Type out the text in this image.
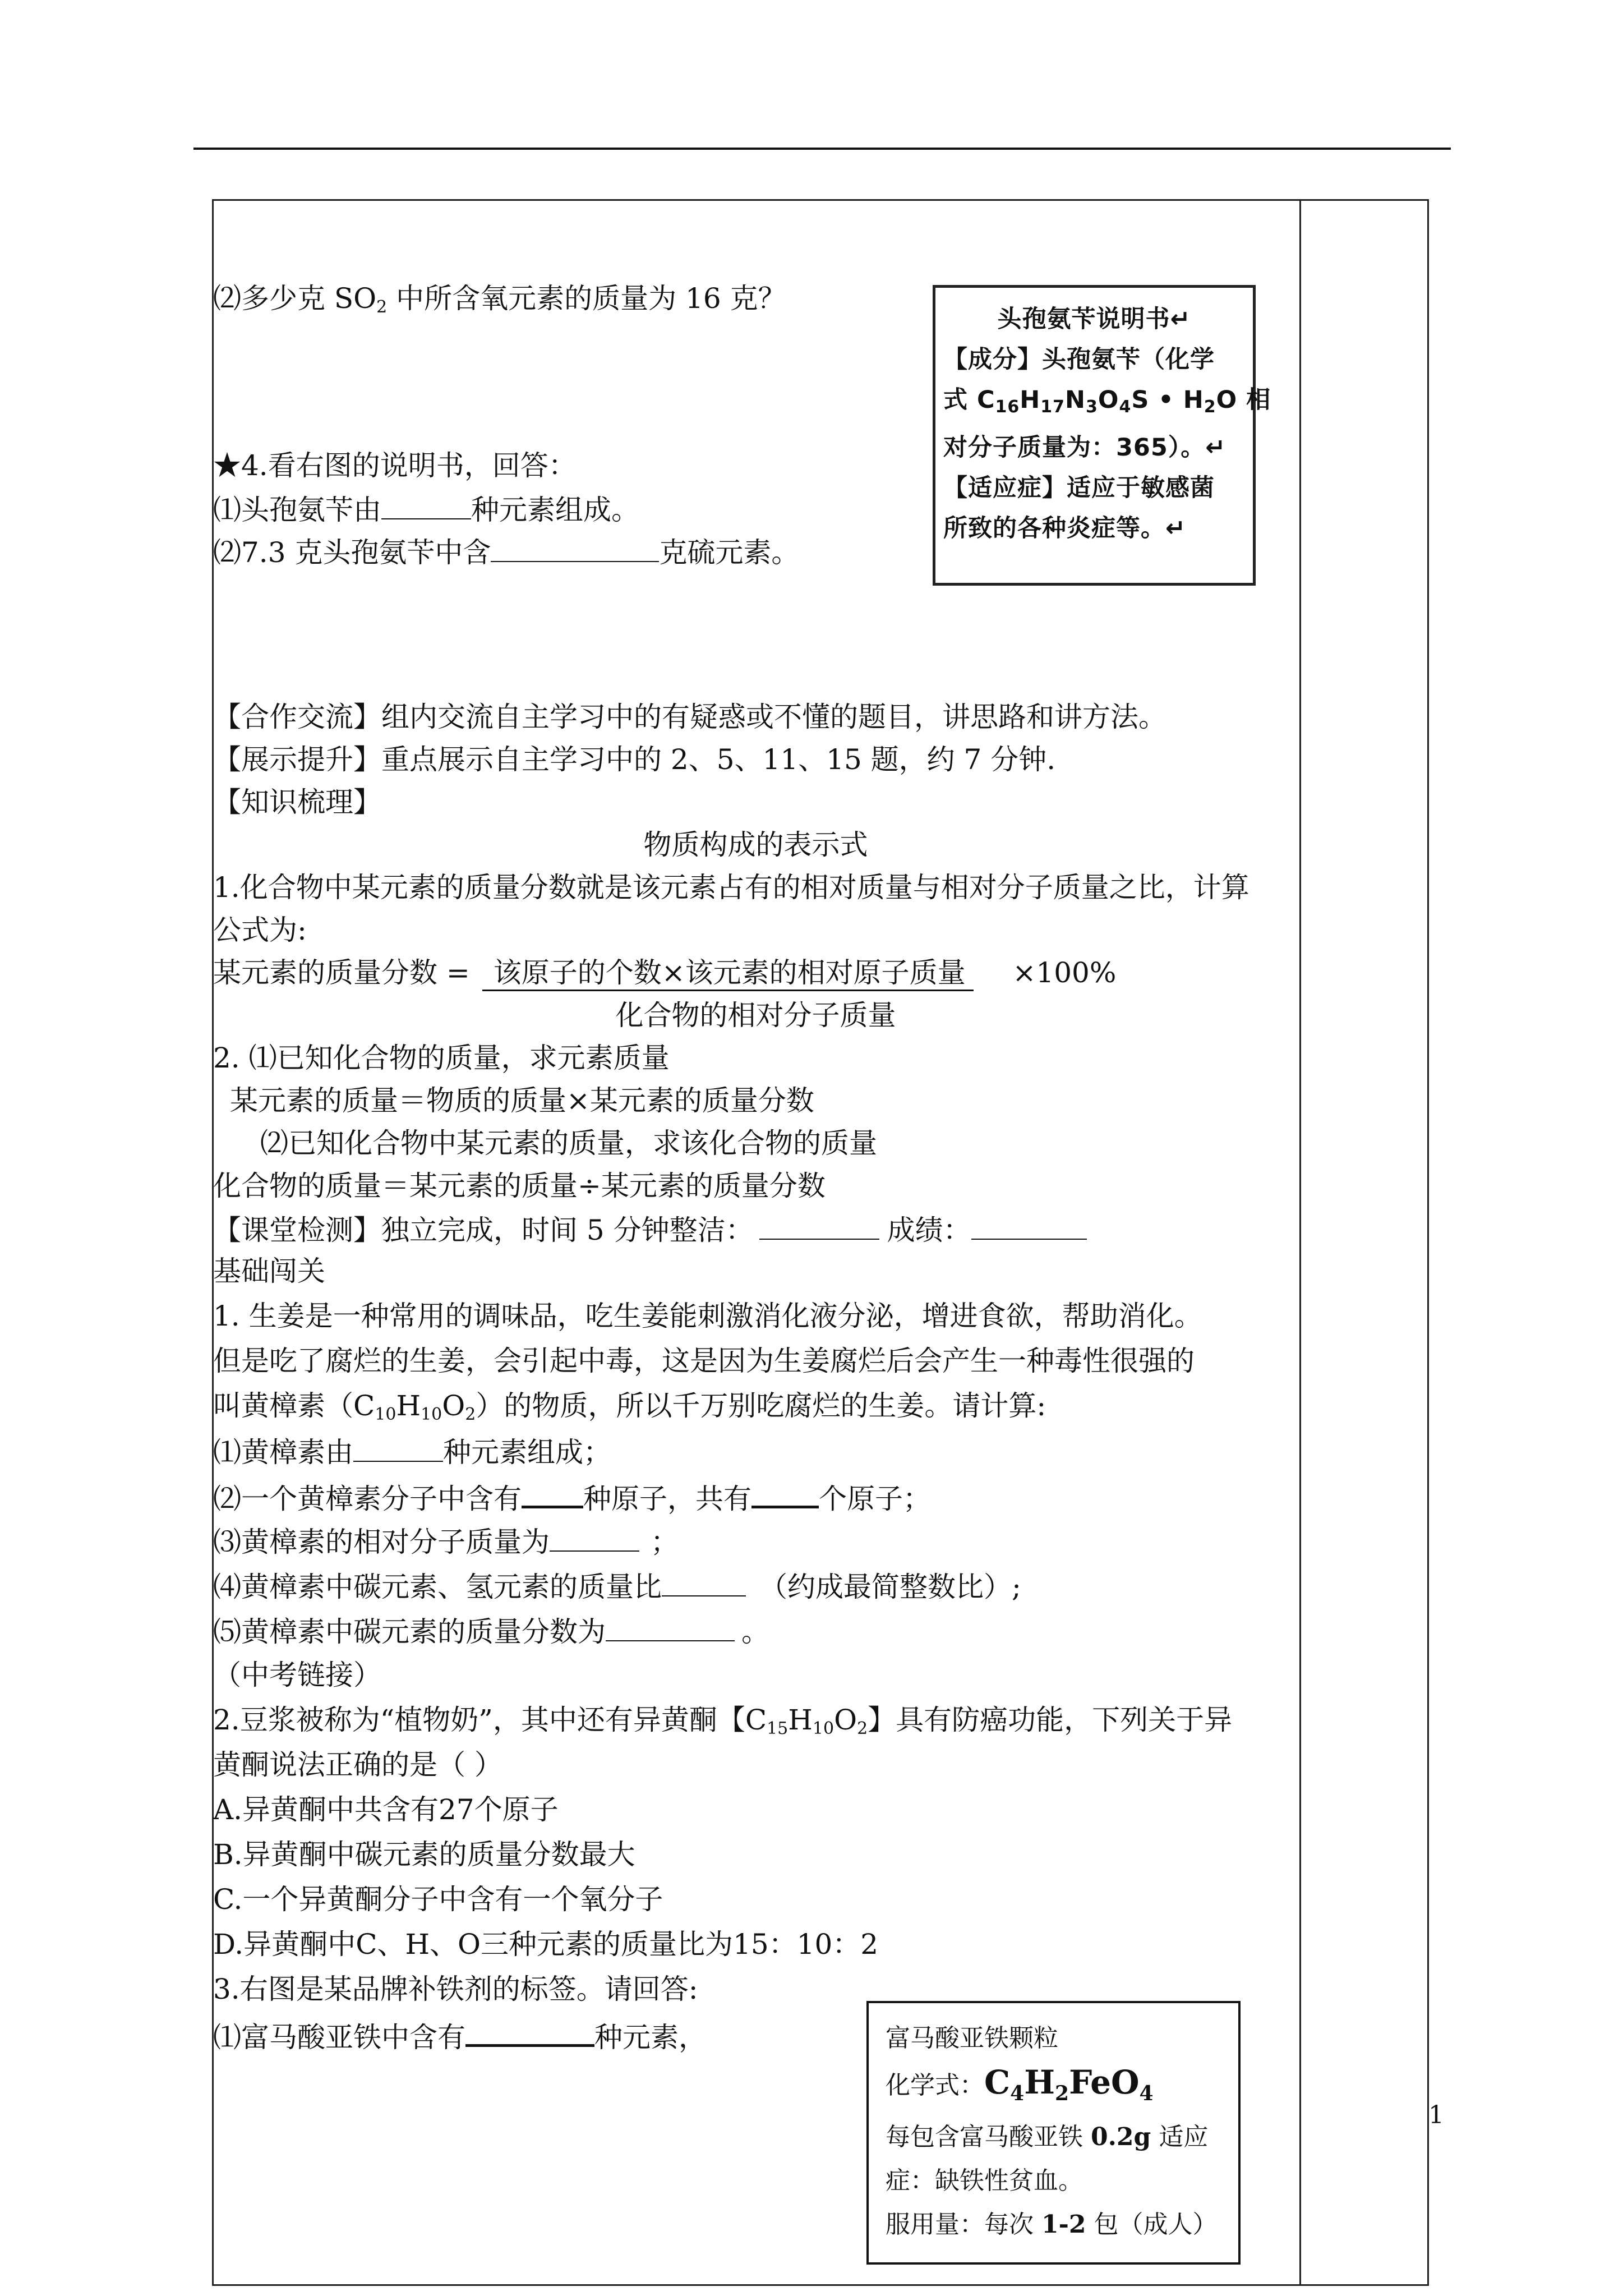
⑵多少克 $SO_2$ 中所含氧元素的质量为 16 克？
★4.看右图的说明书，回答：
⑴头孢氨苄由	种元素组成。
⑵7.3 克头孢氨苄中含	克硫元素。
头孢氨苄说明书↵
【成分】头孢氨苄（化学
式 $C_{16}H_{17}N_3O_4S$ • $H_2O$ 相
对分子质量为：365）。↵
【适应症】适应于敏感菌
所致的各种炎症等。↵
【合作交流】组内交流自主学习中的有疑惑或不懂的题目，讲思路和讲方法。
【展示提升】重点展示自主学习中的 2、5、11、15 题，约 7 分钟.
【知识梳理】
物质构成的表示式
1.化合物中某元素的质量分数就是该元素占有的相对质量与相对分子质量之比，计算
公式为:
某元素的质量分数 = 该原子的个数×该元素的相对原子质量 ×100%
化合物的相对分子质量
2. ⑴已知化合物的质量，求元素质量
某元素的质量＝物质的质量×某元素的质量分数
⑵已知化合物中某元素的质量，求该化合物的质量
化合物的质量＝某元素的质量÷某元素的质量分数
【课堂检测】独立完成，时间 5 分钟整洁：	成绩：
基础闯关
1. 生姜是一种常用的调味品，吃生姜能刺激消化液分泌，增进食欲，帮助消化。
但是吃了腐烂的生姜，会引起中毒，这是因为生姜腐烂后会产生一种毒性很强的
叫黄樟素$(C_{10}H_{10}O_2)$的物质，所以千万别吃腐烂的生姜。请计算:
⑴黄樟素由	种元素组成；
⑵一个黄樟素分子中含有 种原子，共有 个原子；
⑶黄樟素的相对分子质量为	；
⑷黄樟素中碳元素、氢元素的质量比	（约成最简整数比）;
⑸黄樟素中碳元素的质量分数为	。
（中考链接）
2.豆浆被称为“植物奶”，其中还有异黄酮【$C_{15}H_{10}O_2$】具有防癌功能，下列关于异
黄酮说法正确的是（ ）
A.异黄酮中共含有27个原子
B.异黄酮中碳元素的质量分数最大
C.一个异黄酮分子中含有一个氧分子
D.异黄酮中C、H、O三种元素的质量比为15：10：2
3.右图是某品牌补铁剂的标签。请回答:
⑴富马酸亚铁中含有	种元素，	富马酸亚铁颗粒
化学式：$C_4H_2FeO_4$
每包含富马酸亚铁 0.2g 适应
症：缺铁性贫血。
服用量：每次 1-2 包（成人）
1
